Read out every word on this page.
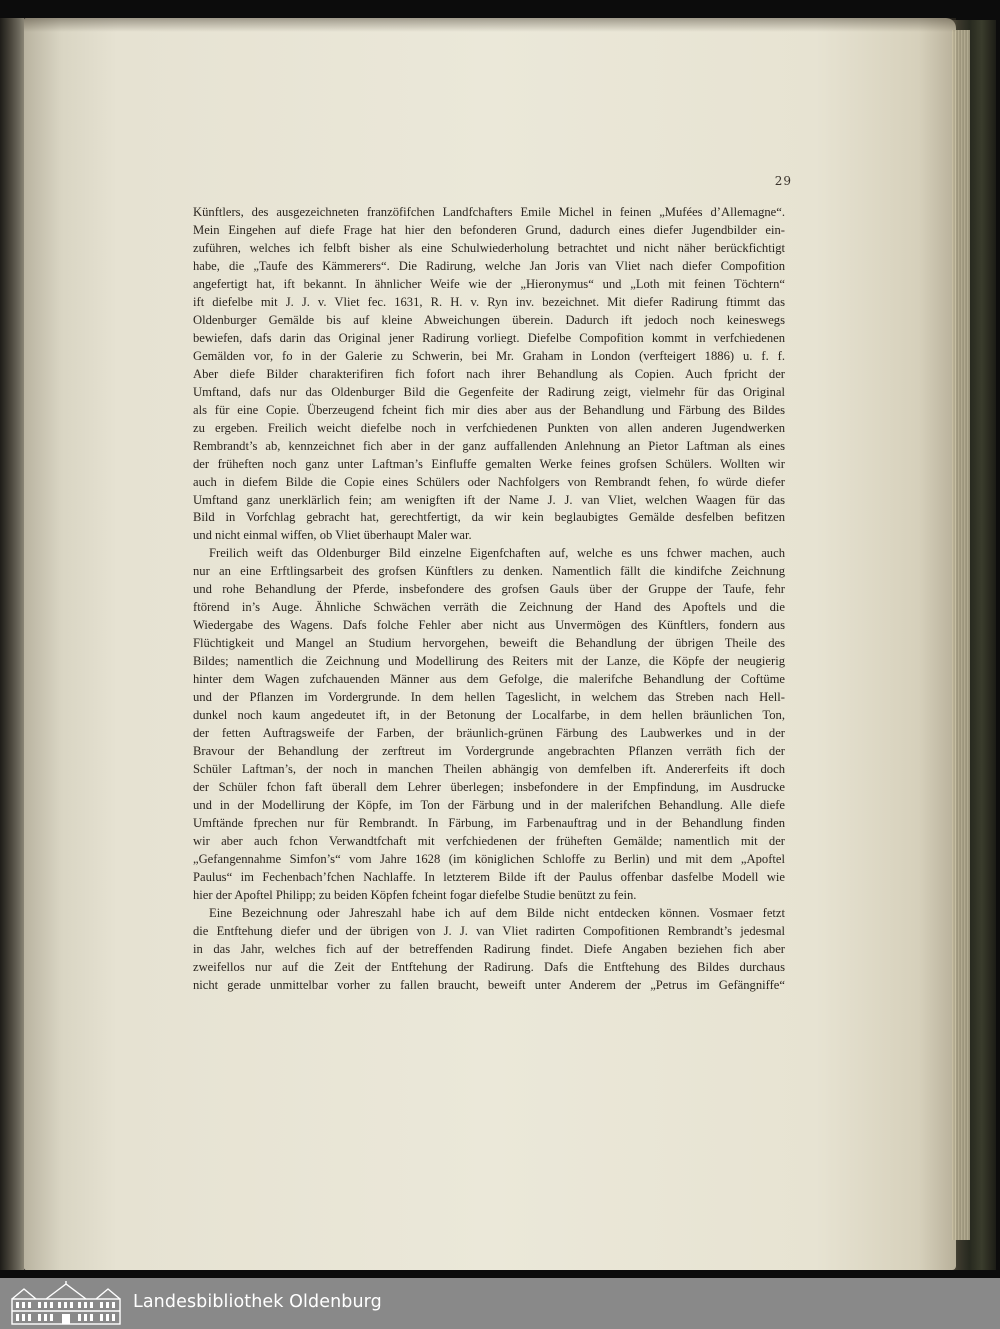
29
Künftlers, des ausgezeichneten franzöfifchen Landfchafters Emile Michel in feinen „Mufées d’Allemagne“.
Mein Eingehen auf diefe Frage hat hier den befonderen Grund, dadurch eines diefer Jugendbilder ein-
zuführen, welches ich felbft bisher als eine Schulwiederholung betrachtet und nicht näher berückfichtigt
habe, die „Taufe des Kämmerers“. Die Radirung, welche Jan Joris van Vliet nach diefer Compofition
angefertigt hat, ift bekannt. In ähnlicher Weife wie der „Hieronymus“ und „Loth mit feinen Töchtern“
ift diefelbe mit J. J. v. Vliet fec. 1631, R. H. v. Ryn inv. bezeichnet. Mit diefer Radirung ftimmt das
Oldenburger Gemälde bis auf kleine Abweichungen überein. Dadurch ift jedoch noch keineswegs
bewiefen, dafs darin das Original jener Radirung vorliegt. Diefelbe Compofition kommt in verfchiedenen
Gemälden vor, fo in der Galerie zu Schwerin, bei Mr. Graham in London (verfteigert 1886) u. f. f.
Aber diefe Bilder charakterifiren fich fofort nach ihrer Behandlung als Copien. Auch fpricht der
Umftand, dafs nur das Oldenburger Bild die Gegenfeite der Radirung zeigt, vielmehr für das Original
als für eine Copie. Überzeugend fcheint fich mir dies aber aus der Behandlung und Färbung des Bildes
zu ergeben. Freilich weicht diefelbe noch in verfchiedenen Punkten von allen anderen Jugendwerken
Rembrandt’s ab, kennzeichnet fich aber in der ganz auffallenden Anlehnung an Pietor Laftman als eines
der früheften noch ganz unter Laftman’s Einfluffe gemalten Werke feines grofsen Schülers. Wollten wir
auch in diefem Bilde die Copie eines Schülers oder Nachfolgers von Rembrandt fehen, fo würde diefer
Umftand ganz unerklärlich fein; am wenigften ift der Name J. J. van Vliet, welchen Waagen für das
Bild in Vorfchlag gebracht hat, gerechtfertigt, da wir kein beglaubigtes Gemälde desfelben befitzen
und nicht einmal wiffen, ob Vliet überhaupt Maler war.
Freilich weift das Oldenburger Bild einzelne Eigenfchaften auf, welche es uns fchwer machen, auch
nur an eine Erftlingsarbeit des grofsen Künftlers zu denken. Namentlich fällt die kindifche Zeichnung
und rohe Behandlung der Pferde, insbefondere des grofsen Gauls über der Gruppe der Taufe, fehr
ftörend in’s Auge. Ähnliche Schwächen verräth die Zeichnung der Hand des Apoftels und die
Wiedergabe des Wagens. Dafs folche Fehler aber nicht aus Unvermögen des Künftlers, fondern aus
Flüchtigkeit und Mangel an Studium hervorgehen, beweift die Behandlung der übrigen Theile des
Bildes; namentlich die Zeichnung und Modellirung des Reiters mit der Lanze, die Köpfe der neugierig
hinter dem Wagen zufchauenden Männer aus dem Gefolge, die malerifche Behandlung der Coftüme
und der Pflanzen im Vordergrunde. In dem hellen Tageslicht, in welchem das Streben nach Hell-
dunkel noch kaum angedeutet ift, in der Betonung der Localfarbe, in dem hellen bräunlichen Ton,
der fetten Auftragsweife der Farben, der bräunlich-grünen Färbung des Laubwerkes und in der
Bravour der Behandlung der zerftreut im Vordergrunde angebrachten Pflanzen verräth fich der
Schüler Laftman’s, der noch in manchen Theilen abhängig von demfelben ift. Andererfeits ift doch
der Schüler fchon faft überall dem Lehrer überlegen; insbefondere in der Empfindung, im Ausdrucke
und in der Modellirung der Köpfe, im Ton der Färbung und in der malerifchen Behandlung. Alle diefe
Umftände fprechen nur für Rembrandt. In Färbung, im Farbenauftrag und in der Behandlung finden
wir aber auch fchon Verwandtfchaft mit verfchiedenen der früheften Gemälde; namentlich mit der
„Gefangennahme Simfon’s“ vom Jahre 1628 (im königlichen Schloffe zu Berlin) und mit dem „Apoftel
Paulus“ im Fechenbach’fchen Nachlaffe. In letzterem Bilde ift der Paulus offenbar dasfelbe Modell wie
hier der Apoftel Philipp; zu beiden Köpfen fcheint fogar diefelbe Studie benützt zu fein.
Eine Bezeichnung oder Jahreszahl habe ich auf dem Bilde nicht entdecken können. Vosmaer fetzt
die Entftehung diefer und der übrigen von J. J. van Vliet radirten Compofitionen Rembrandt’s jedesmal
in das Jahr, welches fich auf der betreffenden Radirung findet. Diefe Angaben beziehen fich aber
zweifellos nur auf die Zeit der Entftehung der Radirung. Dafs die Entftehung des Bildes durchaus
nicht gerade unmittelbar vorher zu fallen braucht, beweift unter Anderem der „Petrus im Gefängniffe“
Landesbibliothek Oldenburg
